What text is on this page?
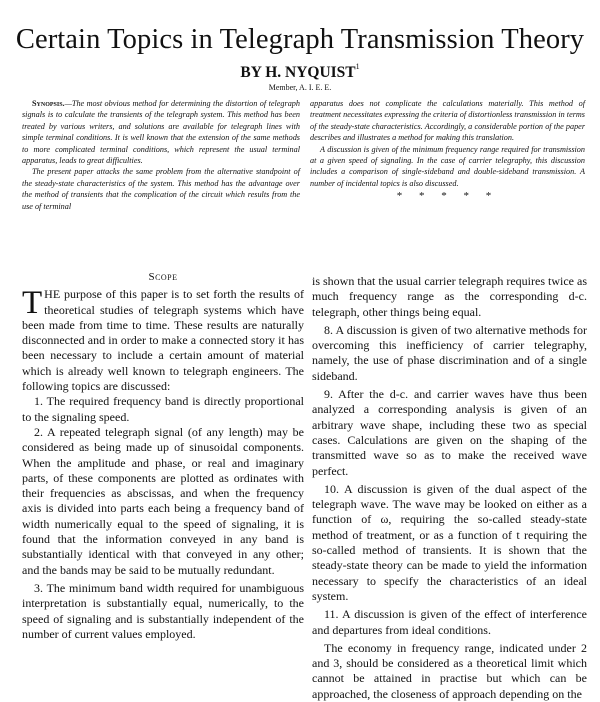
Certain Topics in Telegraph Transmission Theory
BY H. NYQUIST$^1$
Member, A. I. E. E.

Synopsis.—The most obvious method for determining the distortion of telegraph signals is to calculate the transients of the telegraph system. This method has been treated by various writers, and solutions are available for telegraph lines with simple terminal conditions. It is well known that the extension of the same methods to more complicated terminal conditions, which represent the usual terminal apparatus, leads to great difficulties.

The present paper attacks the same problem from the alternative standpoint of the steady-state characteristics of the system. This method has the advantage over the method of transients that the complication of the circuit which results from the use of terminal

apparatus does not complicate the calculations materially. This method of treatment necessitates expressing the criteria of distortionless transmission in terms of the steady-state characteristics. Accordingly, a considerable portion of the paper describes and illustrates a method for making this translation.

A discussion is given of the minimum frequency range required for transmission at a given speed of signaling. In the case of carrier telegraphy, this discussion includes a comparison of single-sideband and double-sideband transmission. A number of incidental topics is also discussed.

* * * * *
Scope

THE purpose of this paper is to set forth the results of theoretical studies of telegraph systems which have been made from time to time. These results are naturally disconnected and in order to make a connected story it has been necessary to include a certain amount of material which is already well known to telegraph engineers. The following topics are discussed:

1. The required frequency band is directly proportional to the signaling speed.

2. A repeated telegraph signal (of any length) may be considered as being made up of sinusoidal components. When the amplitude and phase, or real and imaginary parts, of these components are plotted as ordinates with their frequencies as abscissas, and when the frequency axis is divided into parts each being a frequency band of width numerically equal to the speed of signaling, it is found that the information conveyed in any band is substantially identical with that conveyed in any other; and the bands may be said to be mutually redundant.

3. The minimum band width required for unambiguous interpretation is substantially equal, numerically, to the speed of signaling and is substantially independent of the number of current values employed.

is shown that the usual carrier telegraph requires twice as much frequency range as the corresponding d-c. telegraph, other things being equal.

8. A discussion is given of two alternative methods for overcoming this inefficiency of carrier telegraphy, namely, the use of phase discrimination and of a single sideband.

9. After the d-c. and carrier waves have thus been analyzed a corresponding analysis is given of an arbitrary wave shape, including these two as special cases. Calculations are given on the shaping of the transmitted wave so as to make the received wave perfect.

10. A discussion is given of the dual aspect of the telegraph wave. The wave may be looked on either as a function of ω, requiring the so-called steady-state method of treatment, or as a function of t requiring the so-called method of transients. It is shown that the steady-state theory can be made to yield the information necessary to specify the characteristics of an ideal system.

11. A discussion is given of the effect of interference and departures from ideal conditions.

The economy in frequency range, indicated under 2 and 3, should be considered as a theoretical limit which cannot be attained in practise but which can be approached, the closeness of approach depending on the
